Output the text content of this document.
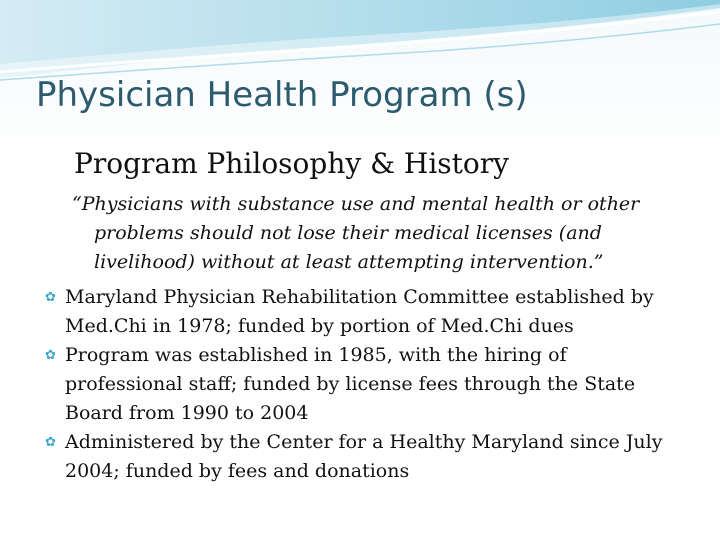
Physician Health Program (s)
Program Philosophy & History

“Physicians with substance use and mental health or other problems should not lose their medical licenses (and livelihood) without at least attempting intervention.”

✿ Maryland Physician Rehabilitation Committee established by Med.Chi in 1978; funded by portion of Med.Chi dues
✿ Program was established in 1985, with the hiring of professional staff; funded by license fees through the State Board from 1990 to 2004
✿ Administered by the Center for a Healthy Maryland since July 2004; funded by fees and donations
